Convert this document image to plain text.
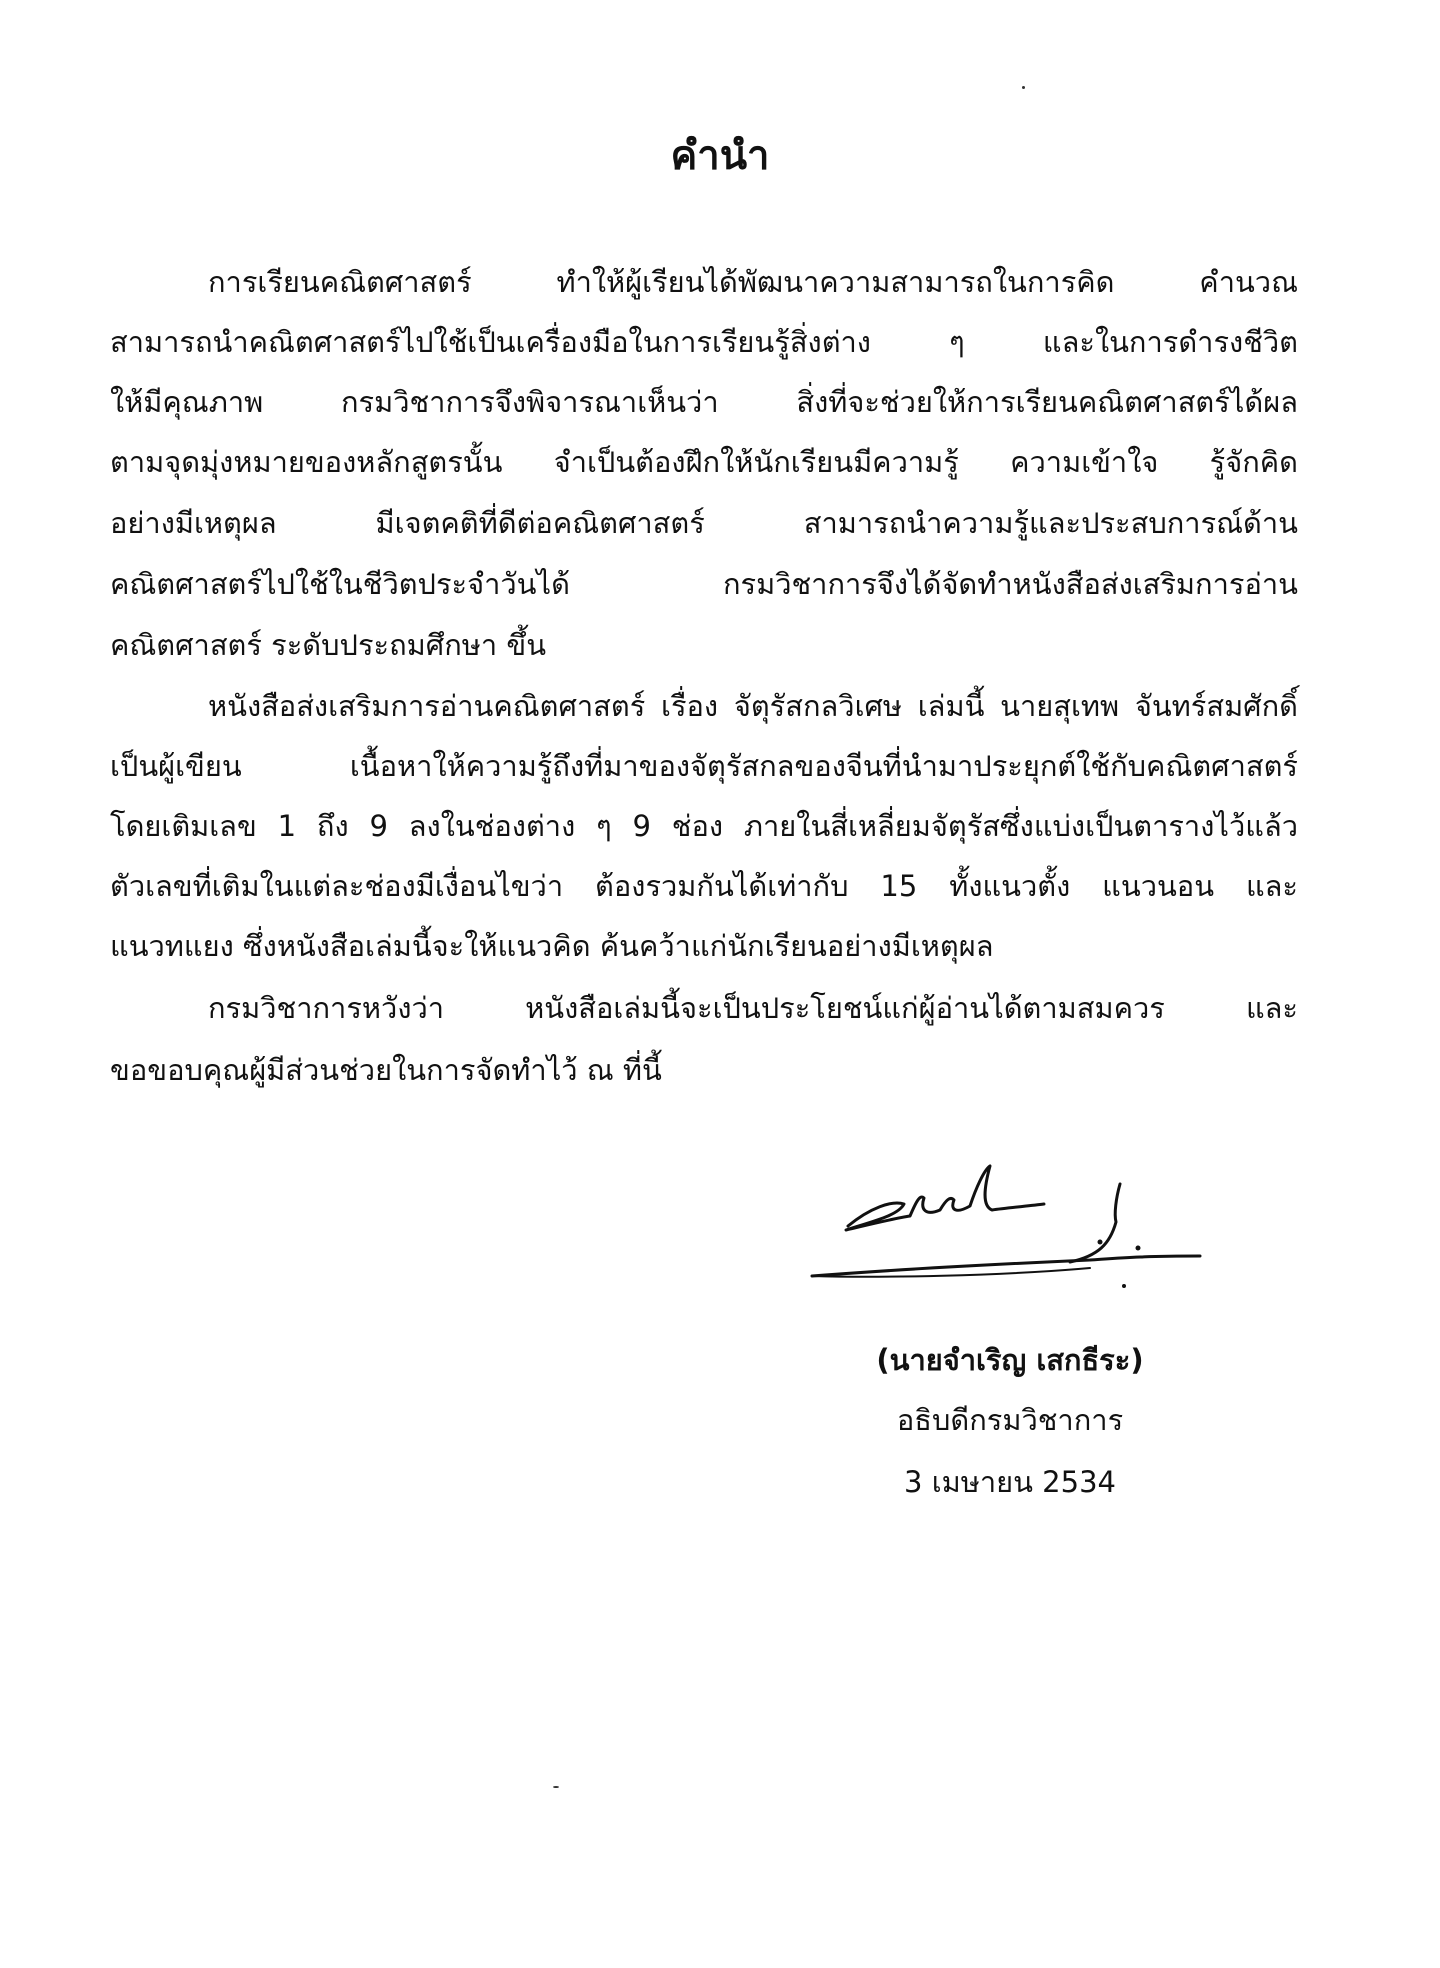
คำนำ
การเรียนคณิตศาสตร์ ทำให้ผู้เรียนได้พัฒนาความสามารถในการคิด คำนวณ
สามารถนำคณิตศาสตร์ไปใช้เป็นเครื่องมือในการเรียนรู้สิ่งต่าง ๆ และในการดำรงชีวิต
ให้มีคุณภาพ กรมวิชาการจึงพิจารณาเห็นว่า สิ่งที่จะช่วยให้การเรียนคณิตศาสตร์ได้ผล
ตามจุดมุ่งหมายของหลักสูตรนั้น จำเป็นต้องฝึกให้นักเรียนมีความรู้ ความเข้าใจ รู้จักคิด
อย่างมีเหตุผล มีเจตคติที่ดีต่อคณิตศาสตร์ สามารถนำความรู้และประสบการณ์ด้าน
คณิตศาสตร์ไปใช้ในชีวิตประจำวันได้ กรมวิชาการจึงได้จัดทำหนังสือส่งเสริมการอ่าน
คณิตศาสตร์ ระดับประถมศึกษา ขึ้น
หนังสือส่งเสริมการอ่านคณิตศาสตร์ เรื่อง จัตุรัสกลวิเศษ เล่มนี้ นายสุเทพ จันทร์สมศักดิ์
เป็นผู้เขียน เนื้อหาให้ความรู้ถึงที่มาของจัตุรัสกลของจีนที่นำมาประยุกต์ใช้กับคณิตศาสตร์
โดยเติมเลข 1 ถึง 9 ลงในช่องต่าง ๆ 9 ช่อง ภายในสี่เหลี่ยมจัตุรัสซึ่งแบ่งเป็นตารางไว้แล้ว
ตัวเลขที่เติมในแต่ละช่องมีเงื่อนไขว่า ต้องรวมกันได้เท่ากับ 15 ทั้งแนวตั้ง แนวนอน และ
แนวทแยง ซึ่งหนังสือเล่มนี้จะให้แนวคิด ค้นคว้าแก่นักเรียนอย่างมีเหตุผล
กรมวิชาการหวังว่า หนังสือเล่มนี้จะเป็นประโยชน์แก่ผู้อ่านได้ตามสมควร และ
ขอขอบคุณผู้มีส่วนช่วยในการจัดทำไว้ ณ ที่นี้
(นายจำเริญ เสกธีระ)
อธิบดีกรมวิชาการ
3 เมษายน 2534
